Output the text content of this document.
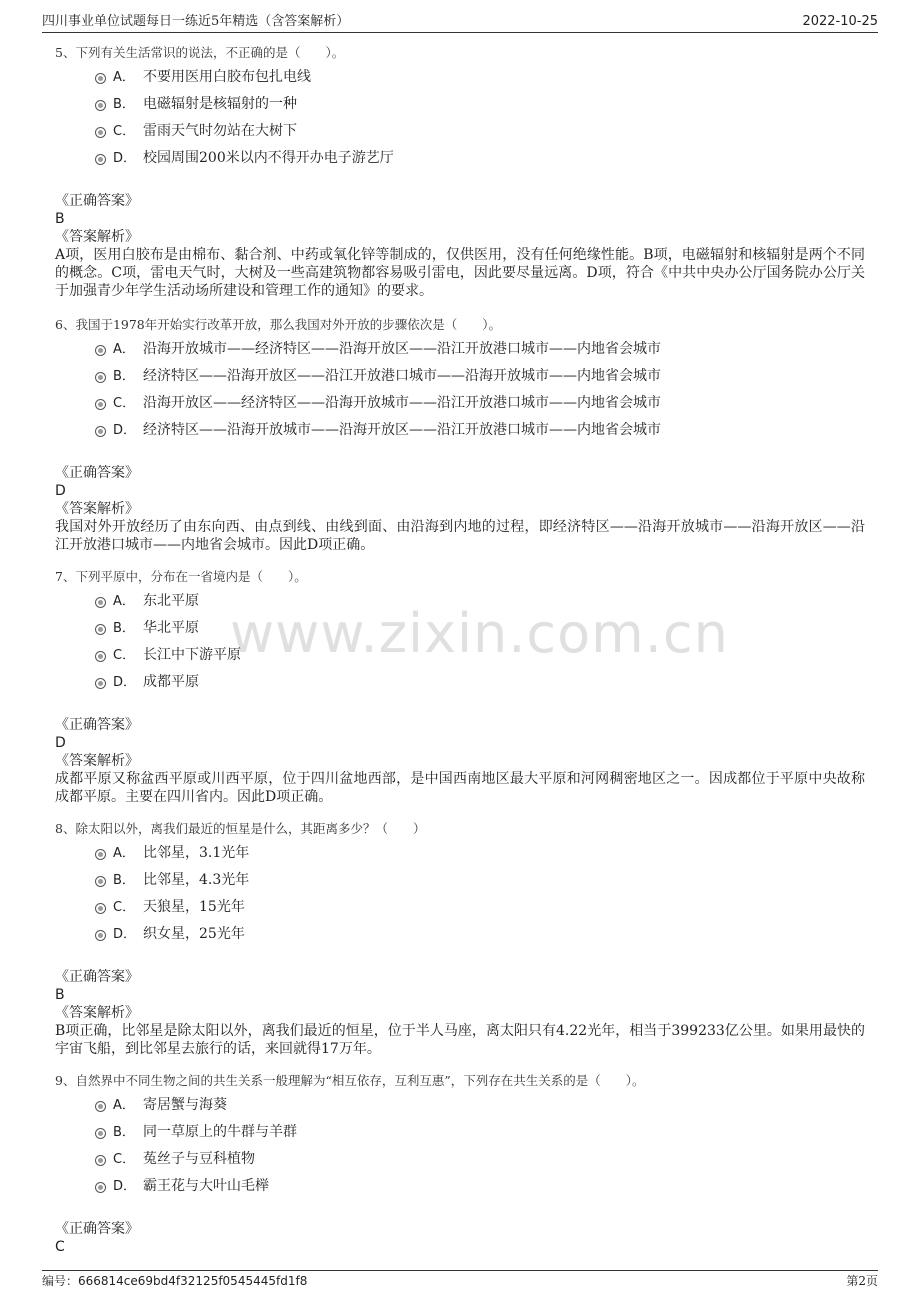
四川事业单位试题每日一练近5年精选（含答案解析）	2022-10-25
www.zixin.com.cn
5、下列有关生活常识的说法，不正确的是（　　）。
A． 不要用医用白胶布包扎电线
B． 电磁辐射是核辐射的一种
C． 雷雨天气时勿站在大树下
D． 校园周围200米以内不得开办电子游艺厅
《正确答案》
B
《答案解析》
A项，医用白胶布是由棉布、黏合剂、中药或氧化锌等制成的，仅供医用，没有任何绝缘性能。B项，电磁辐射和核辐射是两个不同的概念。C项，雷电天气时，大树及一些高建筑物都容易吸引雷电，因此要尽量远离。D项，符合《中共中央办公厅国务院办公厅关于加强青少年学生活动场所建设和管理工作的通知》的要求。
6、我国于1978年开始实行改革开放，那么我国对外开放的步骤依次是（　　）。
A． 沿海开放城市——经济特区——沿海开放区——沿江开放港口城市——内地省会城市
B． 经济特区——沿海开放区——沿江开放港口城市——沿海开放城市——内地省会城市
C． 沿海开放区——经济特区——沿海开放城市——沿江开放港口城市——内地省会城市
D． 经济特区——沿海开放城市——沿海开放区——沿江开放港口城市——内地省会城市
《正确答案》
D
《答案解析》
我国对外开放经历了由东向西、由点到线、由线到面、由沿海到内地的过程，即经济特区——沿海开放城市——沿海开放区——沿江开放港口城市——内地省会城市。因此D项正确。
7、下列平原中，分布在一省境内是（　　）。
A． 东北平原
B． 华北平原
C． 长江中下游平原
D． 成都平原
《正确答案》
D
《答案解析》
成都平原又称盆西平原或川西平原，位于四川盆地西部，是中国西南地区最大平原和河网稠密地区之一。因成都位于平原中央故称成都平原。主要在四川省内。因此D项正确。
8、除太阳以外，离我们最近的恒星是什么，其距离多少？（　　）
A． 比邻星，3.1光年
B． 比邻星，4.3光年
C． 天狼星，15光年
D． 织女星，25光年
《正确答案》
B
《答案解析》
B项正确，比邻星是除太阳以外，离我们最近的恒星，位于半人马座，离太阳只有4.22光年，相当于399233亿公里。如果用最快的宇宙飞船，到比邻星去旅行的话，来回就得17万年。
9、自然界中不同生物之间的共生关系一般理解为“相互依存，互利互惠”，下列存在共生关系的是（　　）。
A． 寄居蟹与海葵
B． 同一草原上的牛群与羊群
C． 菟丝子与豆科植物
D． 霸王花与大叶山毛榉
《正确答案》
C
编号：666814ce69bd4f32125f0545445fd1f8	第2页
